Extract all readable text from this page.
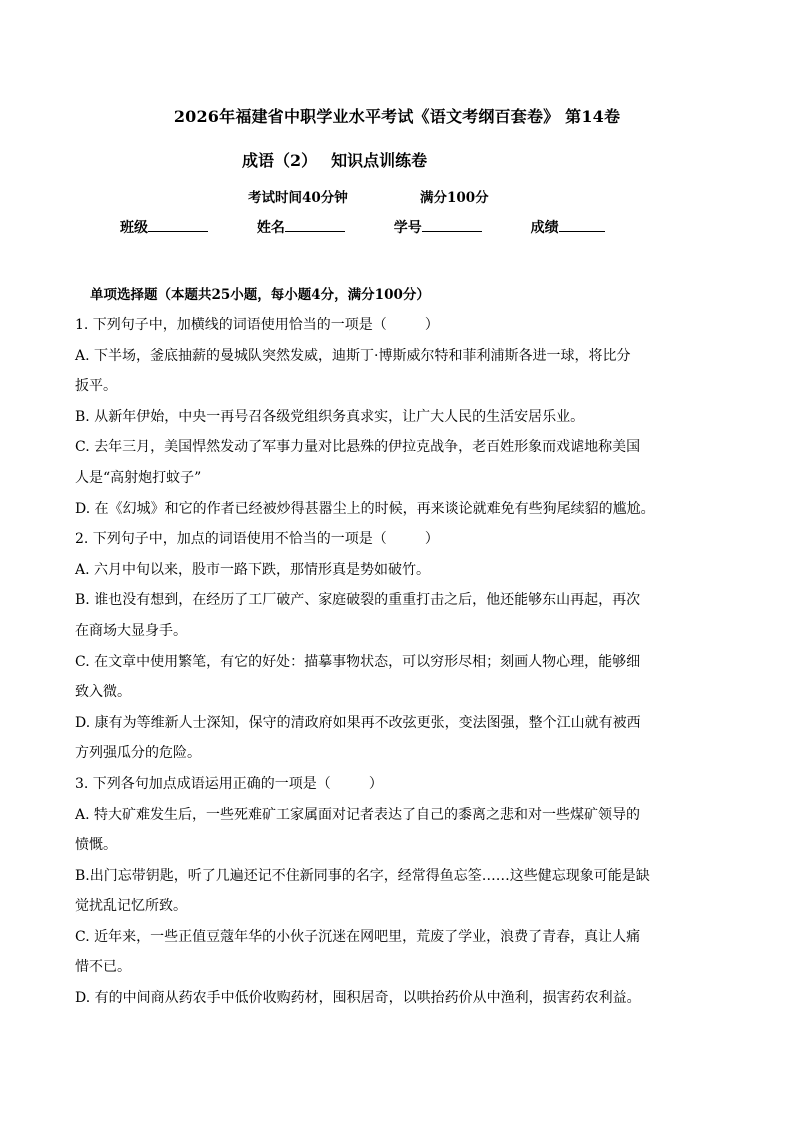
2026年福建省中职学业水平考试《语文考纲百套卷》 第14卷
成语（2） 知识点训练卷
考试时间40分钟	满分100分
班级	姓名	学号	成绩
单项选择题（本题共25小题，每小题4分，满分100分）
1. 下列句子中，加横线的词语使用恰当的一项是（	）
A. 下半场，釜底抽薪的曼城队突然发威，迪斯丁·博斯威尔特和菲利浦斯各进一球，将比分
扳平。
B. 从新年伊始，中央一再号召各级党组织务真求实，让广大人民的生活安居乐业。
C. 去年三月，美国悍然发动了军事力量对比悬殊的伊拉克战争，老百姓形象而戏谑地称美国
人是“高射炮打蚊子”
D. 在《幻城》和它的作者已经被炒得甚嚣尘上的时候，再来谈论就难免有些狗尾续貂的尴尬。
2. 下列句子中，加点的词语使用不恰当的一项是（	）
A. 六月中旬以来，股市一路下跌，那情形真是势如破竹。
B. 谁也没有想到，在经历了工厂破产、家庭破裂的重重打击之后，他还能够东山再起，再次
在商场大显身手。
C. 在文章中使用繁笔，有它的好处：描摹事物状态，可以穷形尽相；刻画人物心理，能够细
致入微。
D. 康有为等维新人士深知，保守的清政府如果再不改弦更张，变法图强，整个江山就有被西
方列强瓜分的危险。
3. 下列各句加点成语运用正确的一项是（	）
A. 特大矿难发生后，一些死难矿工家属面对记者表达了自己的黍离之悲和对一些煤矿领导的
愤慨。
B.出门忘带钥匙，听了几遍还记不住新同事的名字，经常得鱼忘筌……这些健忘现象可能是缺
觉扰乱记忆所致。
C. 近年来，一些正值豆蔻年华的小伙子沉迷在网吧里，荒废了学业，浪费了青春，真让人痛
惜不已。
D. 有的中间商从药农手中低价收购药材，囤积居奇，以哄抬药价从中渔利，损害药农利益。
